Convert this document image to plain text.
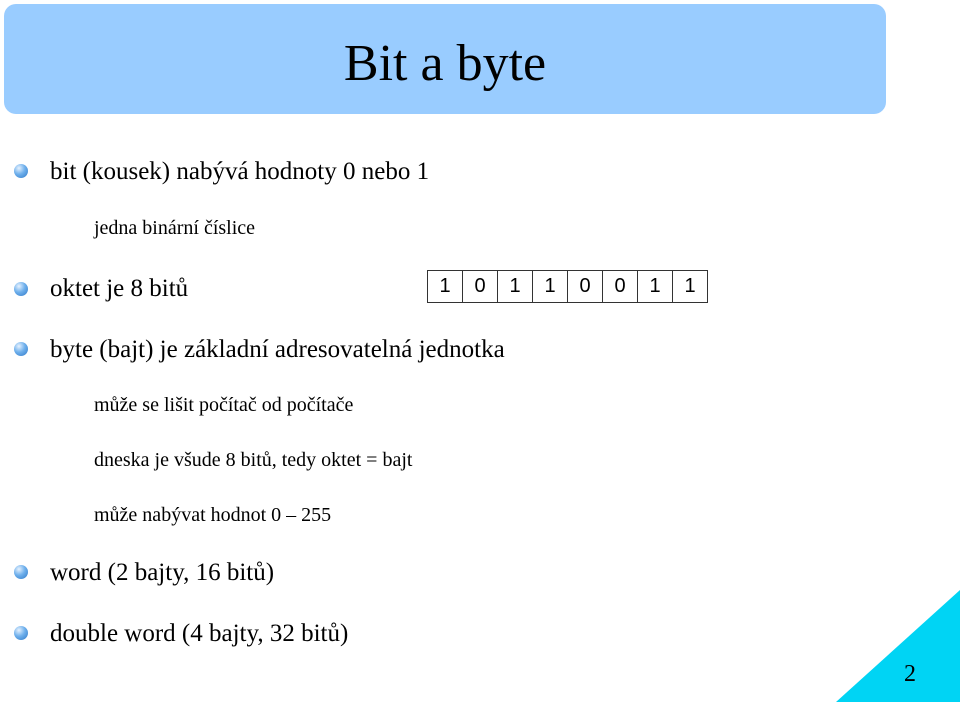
Bit a byte
bit (kousek) nabývá hodnoty 0 nebo 1
jedna binární číslice
oktet je 8 bitů	1	0	1	1	0	0	1	1
byte (bajt) je základní adresovatelná jednotka
může se lišit počítač od počítače
dneska je všude 8 bitů, tedy oktet = bajt
může nabývat hodnot 0 – 255
word (2 bajty, 16 bitů)
double word (4 bajty, 32 bitů)
2
